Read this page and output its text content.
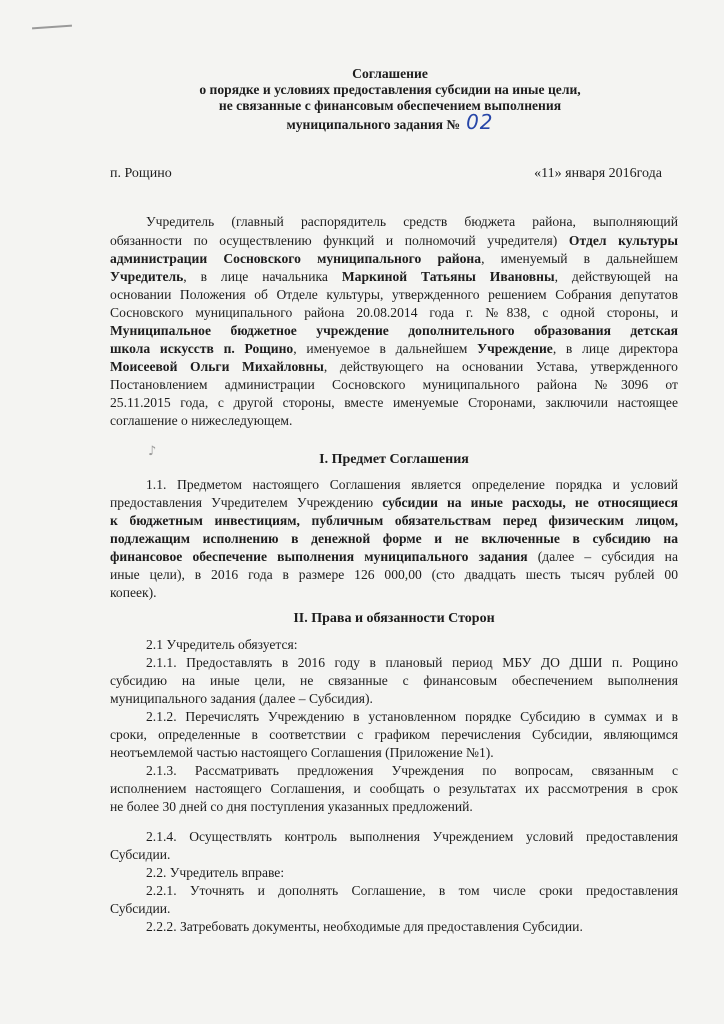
Соглашение
о порядке и условиях предоставления субсидии на иные цели,
не связанные с финансовым обеспечением выполнения
муниципального задания № 02
п. Рощино	«11» января 2016года
Учредитель (главный распорядитель средств бюджета района, выполняющий
обязанности по осуществлению функций и полномочий учредителя) Отдел культуры
администрации Сосновского муниципального района, именуемый в дальнейшем
Учредитель, в лице начальника Маркиной Татьяны Ивановны, действующей на
основании Положения об Отделе культуры, утвержденного решением Собрания депутатов
Сосновского муниципального района 20.08.2014 года г. №838, с одной стороны, и
Муниципальное бюджетное учреждение дополнительного образования детская
школа искусств п. Рощино, именуемое в дальнейшем Учреждение, в лице директора
Моисеевой Ольги Михайловны, действующего на основании Устава, утвержденного
Постановлением администрации Сосновского муниципального района №3096 от
25.11.2015 года, с другой стороны, вместе именуемые Сторонами, заключили настоящее
соглашение о нижеследующем.
♪
I. Предмет Соглашения
1.1. Предметом настоящего Соглашения является определение порядка и условий
предоставления Учредителем Учреждению субсидии на иные расходы, не относящиеся
к бюджетным инвестициям, публичным обязательствам перед физическим лицом,
подлежащим исполнению в денежной форме и не включенные в субсидию на
финансовое обеспечение выполнения муниципального задания (далее – субсидия на
иные цели), в 2016 года в размере 126 000,00 (сто двадцать шесть тысяч рублей 00
копеек).
II. Права и обязанности Сторон
2.1 Учредитель обязуется:
2.1.1. Предоставлять в 2016 году в плановый период МБУ ДО ДШИ п. Рощино
субсидию на иные цели, не связанные с финансовым обеспечением выполнения
муниципального задания (далее – Субсидия).
2.1.2. Перечислять Учреждению в установленном порядке Субсидию в суммах и в
сроки, определенные в соответствии с графиком перечисления Субсидии, являющимся
неотъемлемой частью настоящего Соглашения (Приложение №1).
2.1.3. Рассматривать предложения Учреждения по вопросам, связанным с
исполнением настоящего Соглашения, и сообщать о результатах их рассмотрения в срок
не более 30 дней со дня поступления указанных предложений.
2.1.4. Осуществлять контроль выполнения Учреждением условий предоставления
Субсидии.
2.2. Учредитель вправе:
2.2.1. Уточнять и дополнять Соглашение, в том числе сроки предоставления
Субсидии.
2.2.2. Затребовать документы, необходимые для предоставления Субсидии.
